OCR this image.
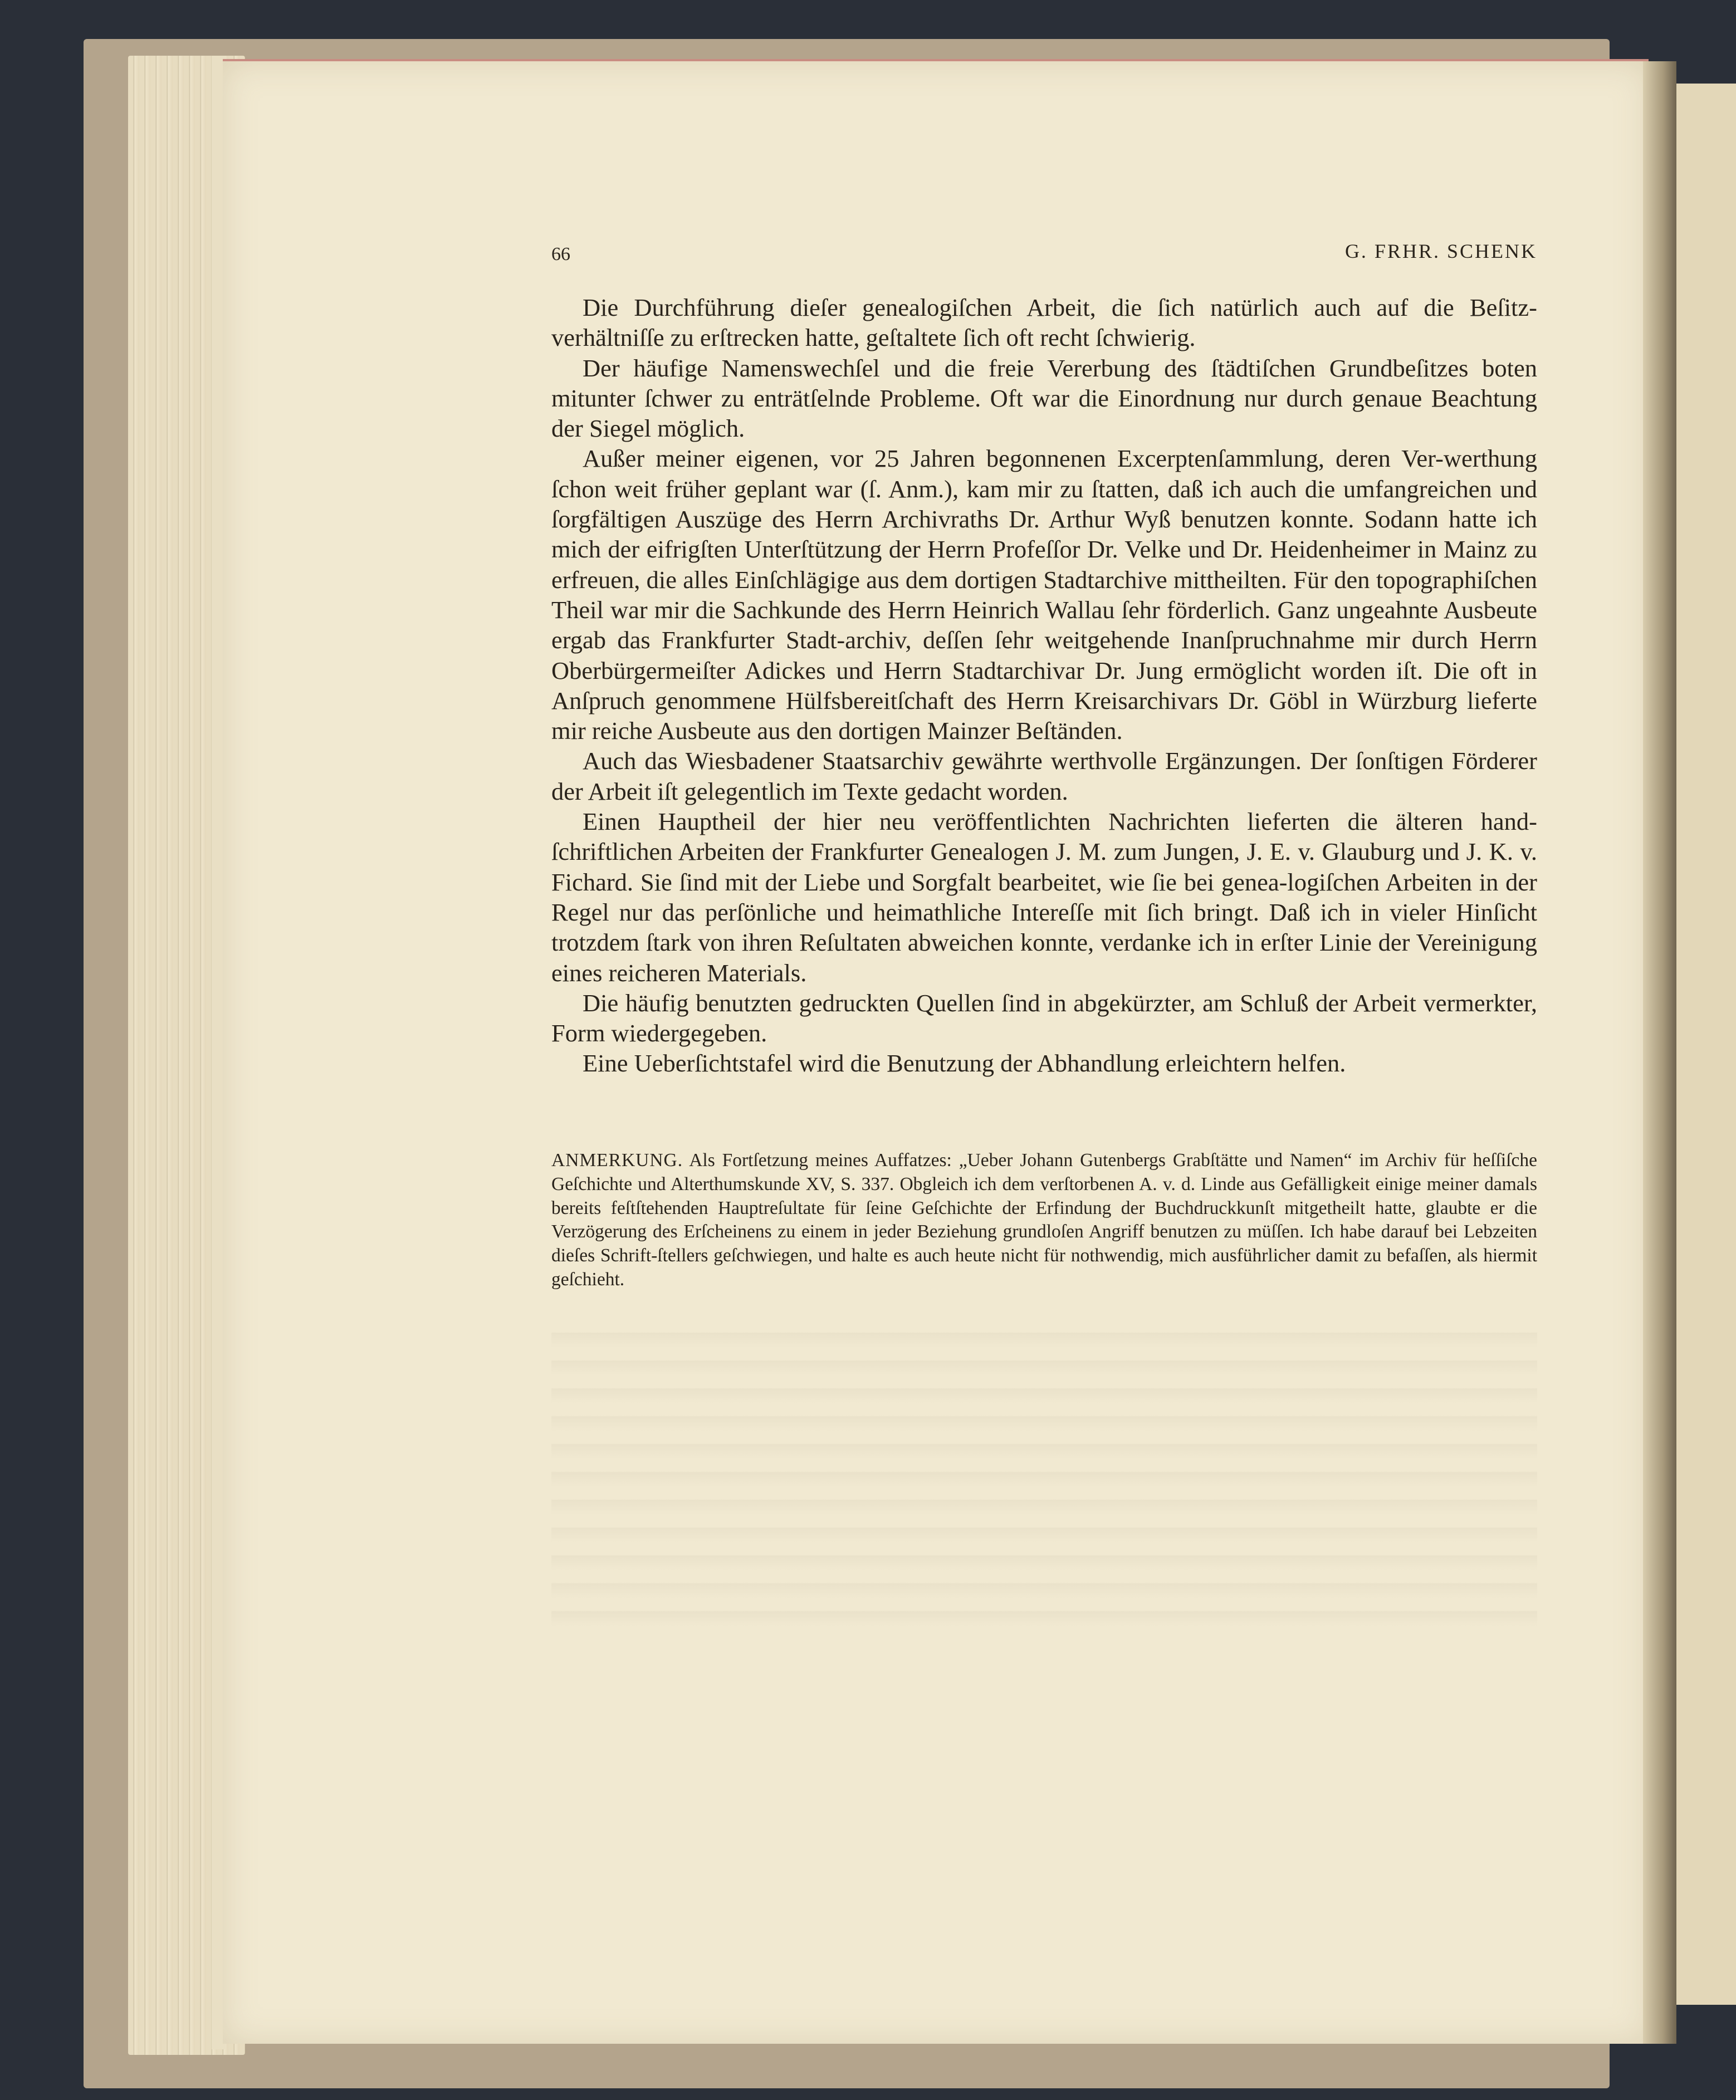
66	G. FRHR. SCHENK

Die Durchführung dieſer genealogiſchen Arbeit, die ſich natürlich auch auf die Beſitz-verhältniſſe zu erſtrecken hatte, geſtaltete ſich oft recht ſchwierig.

Der häufige Namenswechſel und die freie Vererbung des ſtädtiſchen Grundbeſitzes boten mitunter ſchwer zu enträtſelnde Probleme. Oft war die Einordnung nur durch genaue Beachtung der Siegel möglich.

Außer meiner eigenen, vor 25 Jahren begonnenen Excerptenſammlung, deren Ver-werthung ſchon weit früher geplant war (ſ. Anm.), kam mir zu ſtatten, daß ich auch die umfangreichen und ſorgfältigen Auszüge des Herrn Archivraths Dr. Arthur Wyß benutzen konnte. Sodann hatte ich mich der eifrigſten Unterſtützung der Herrn Profeſſor Dr. Velke und Dr. Heidenheimer in Mainz zu erfreuen, die alles Einſchlägige aus dem dortigen Stadtarchive mittheilten. Für den topographiſchen Theil war mir die Sachkunde des Herrn Heinrich Wallau ſehr förderlich. Ganz ungeahnte Ausbeute ergab das Frankfurter Stadt-archiv, deſſen ſehr weitgehende Inanſpruchnahme mir durch Herrn Oberbürgermeiſter Adickes und Herrn Stadtarchivar Dr. Jung ermöglicht worden iſt. Die oft in Anſpruch genommene Hülfsbereitſchaft des Herrn Kreisarchivars Dr. Göbl in Würzburg lieferte mir reiche Ausbeute aus den dortigen Mainzer Beſtänden.

Auch das Wiesbadener Staatsarchiv gewährte werthvolle Ergänzungen. Der ſonſtigen Förderer der Arbeit iſt gelegentlich im Texte gedacht worden.

Einen Hauptheil der hier neu veröffentlichten Nachrichten lieferten die älteren hand-ſchriftlichen Arbeiten der Frankfurter Genealogen J. M. zum Jungen, J. E. v. Glauburg und J. K. v. Fichard. Sie ſind mit der Liebe und Sorgfalt bearbeitet, wie ſie bei genea-logiſchen Arbeiten in der Regel nur das perſönliche und heimathliche Intereſſe mit ſich bringt. Daß ich in vieler Hinſicht trotzdem ſtark von ihren Reſultaten abweichen konnte, verdanke ich in erſter Linie der Vereinigung eines reicheren Materials.

Die häufig benutzten gedruckten Quellen ſind in abgekürzter, am Schluß der Arbeit vermerkter, Form wiedergegeben.

Eine Ueberſichtstafel wird die Benutzung der Abhandlung erleichtern helfen.

ANMERKUNG. Als Fortſetzung meines Auffatzes: „Ueber Johann Gutenbergs Grabſtätte und Namen“ im Archiv für heſſiſche Geſchichte und Alterthumskunde XV, S. 337. Obgleich ich dem verſtorbenen A. v. d. Linde aus Gefälligkeit einige meiner damals bereits feſtſtehenden Hauptreſultate für ſeine Geſchichte der Erfindung der Buchdruckkunſt mitgetheilt hatte, glaubte er die Verzögerung des Erſcheinens zu einem in jeder Beziehung grundloſen Angriff benutzen zu müſſen. Ich habe darauf bei Lebzeiten dieſes Schrift-ſtellers geſchwiegen, und halte es auch heute nicht für nothwendig, mich ausführlicher damit zu befaſſen, als hiermit geſchieht.
